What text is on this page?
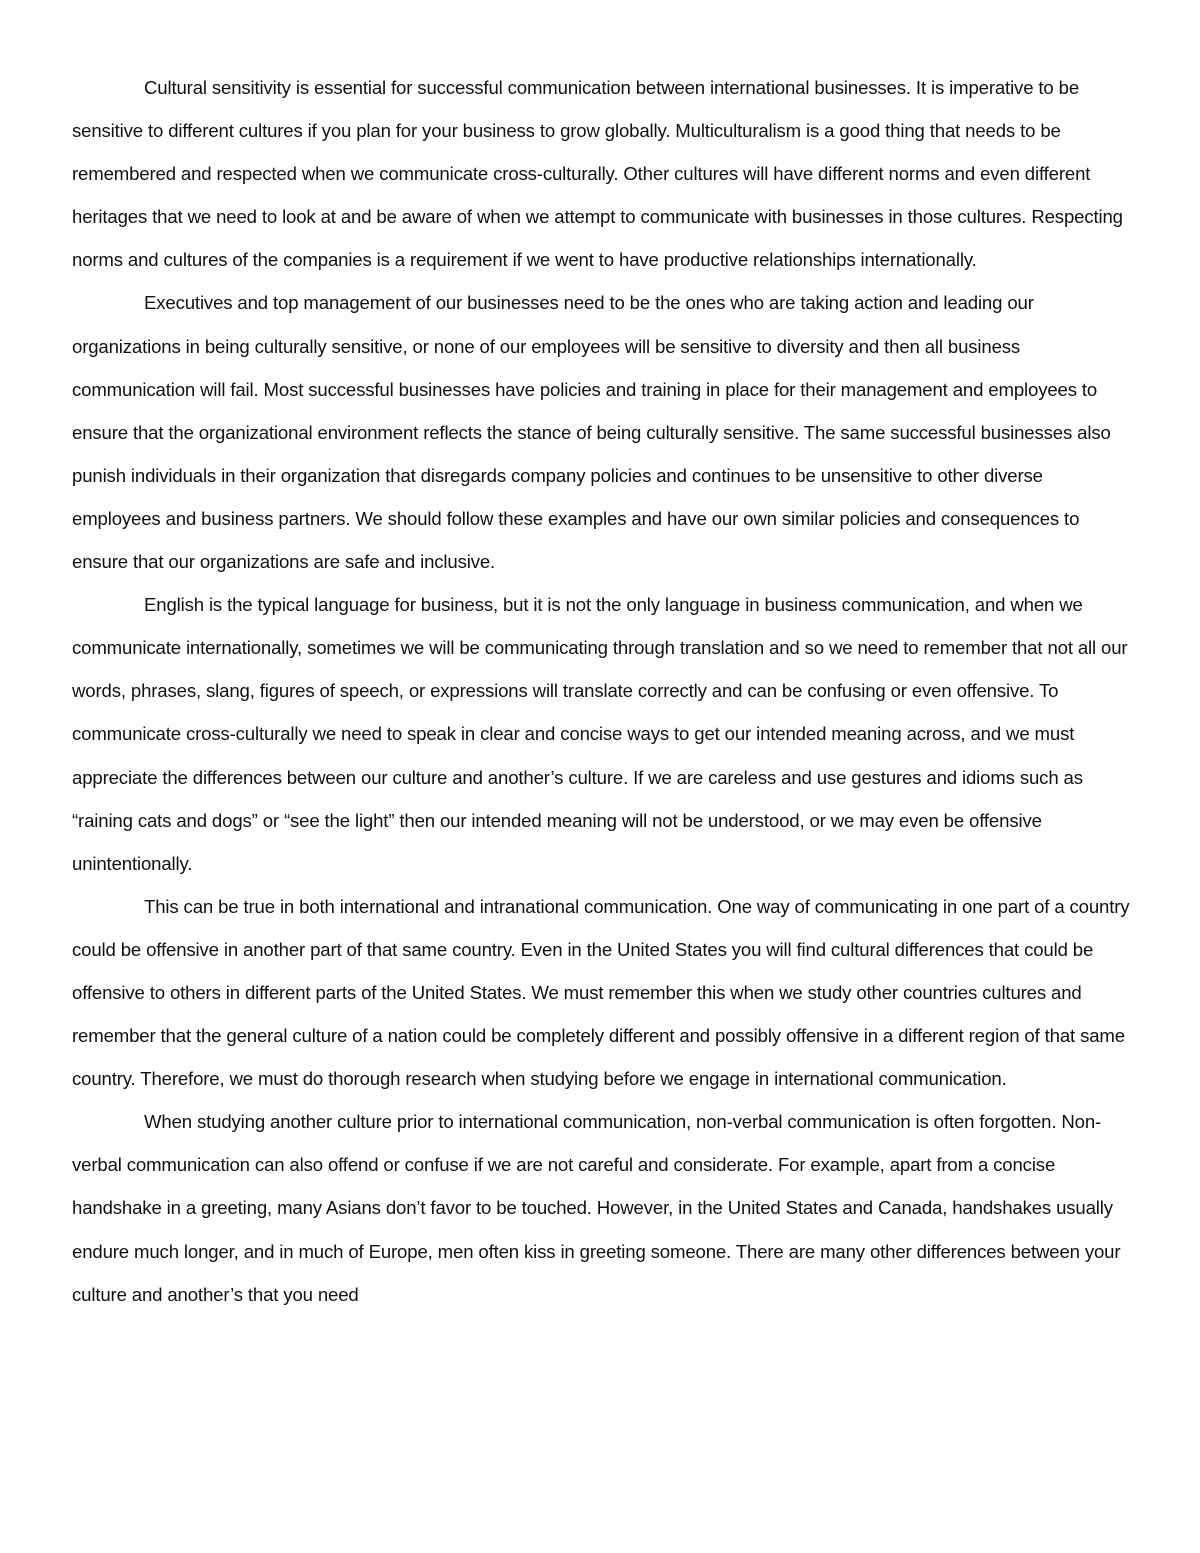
Cultural sensitivity is essential for successful communication between international businesses. It is imperative to be sensitive to different cultures if you plan for your business to grow globally. Multiculturalism is a good thing that needs to be remembered and respected when we communicate cross-culturally. Other cultures will have different norms and even different heritages that we need to look at and be aware of when we attempt to communicate with businesses in those cultures. Respecting norms and cultures of the companies is a requirement if we went to have productive relationships internationally.

Executives and top management of our businesses need to be the ones who are taking action and leading our organizations in being culturally sensitive, or none of our employees will be sensitive to diversity and then all business communication will fail. Most successful businesses have policies and training in place for their management and employees to ensure that the organizational environment reflects the stance of being culturally sensitive. The same successful businesses also punish individuals in their organization that disregards company policies and continues to be unsensitive to other diverse employees and business partners. We should follow these examples and have our own similar policies and consequences to ensure that our organizations are safe and inclusive.

English is the typical language for business, but it is not the only language in business communication, and when we communicate internationally, sometimes we will be communicating through translation and so we need to remember that not all our words, phrases, slang, figures of speech, or expressions will translate correctly and can be confusing or even offensive. To communicate cross-culturally we need to speak in clear and concise ways to get our intended meaning across, and we must appreciate the differences between our culture and another’s culture. If we are careless and use gestures and idioms such as “raining cats and dogs” or “see the light” then our intended meaning will not be understood, or we may even be offensive unintentionally.

This can be true in both international and intranational communication. One way of communicating in one part of a country could be offensive in another part of that same country. Even in the United States you will find cultural differences that could be offensive to others in different parts of the United States. We must remember this when we study other countries cultures and remember that the general culture of a nation could be completely different and possibly offensive in a different region of that same country. Therefore, we must do thorough research when studying before we engage in international communication.

When studying another culture prior to international communication, non-verbal communication is often forgotten. Non-verbal communication can also offend or confuse if we are not careful and considerate. For example, apart from a concise handshake in a greeting, many Asians don’t favor to be touched. However, in the United States and Canada, handshakes usually endure much longer, and in much of Europe, men often kiss in greeting someone. There are many other differences between your culture and another’s that you need
